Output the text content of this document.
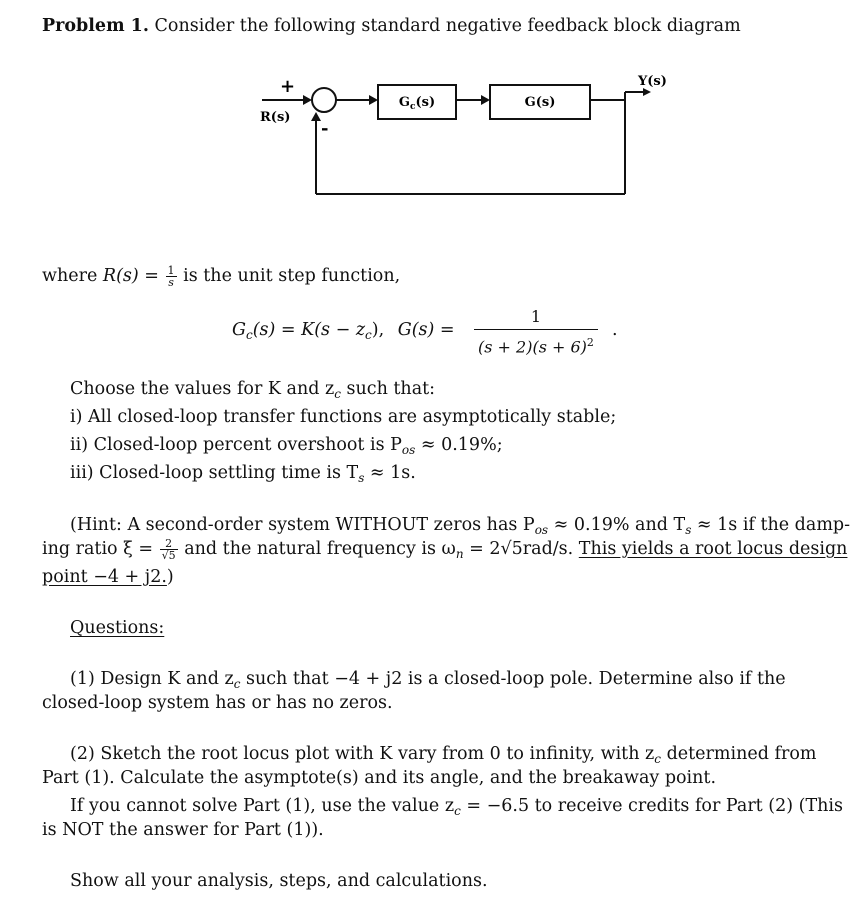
Problem 1. Consider the following standard negative feedback block diagram
+
-
R(s)
Y(s)
$G_c(s)$	G(s)
where $R(s) = \frac{1}{s}$ is the unit step function,
$G_c(s) = K(s - z_c)$, $G(s) = \frac{1}{(s + 2)(s + 6)^2}$ .
Choose the values for K and $z_c$ such that:
i) All closed-loop transfer functions are asymptotically stable;
ii) Closed-loop percent overshoot is $P_{os} \approx 0.19\%$;
iii) Closed-loop settling time is $T_s \approx 1s$.
(Hint: A second-order system WITHOUT zeros has $P_{os} \approx 0.19\%$ and $T_s \approx 1s$ if the damp-
ing ratio $\xi = \frac{2}{√5}$ and the natural frequency is $\omega_n = 2√5rad/s$. This yields a root locus design
point −4 + j2.)
Questions:
(1) Design K and $z_c$ such that −4 + j2 is a closed-loop pole. Determine also if the
closed-loop system has or has no zeros.
(2) Sketch the root locus plot with K vary from 0 to infinity, with $z_c$ determined from
Part (1). Calculate the asymptote(s) and its angle, and the breakaway point.
If you cannot solve Part (1), use the value $z_c = -6.5$ to receive credits for Part (2) (This
is NOT the answer for Part (1)).
Show all your analysis, steps, and calculations.
